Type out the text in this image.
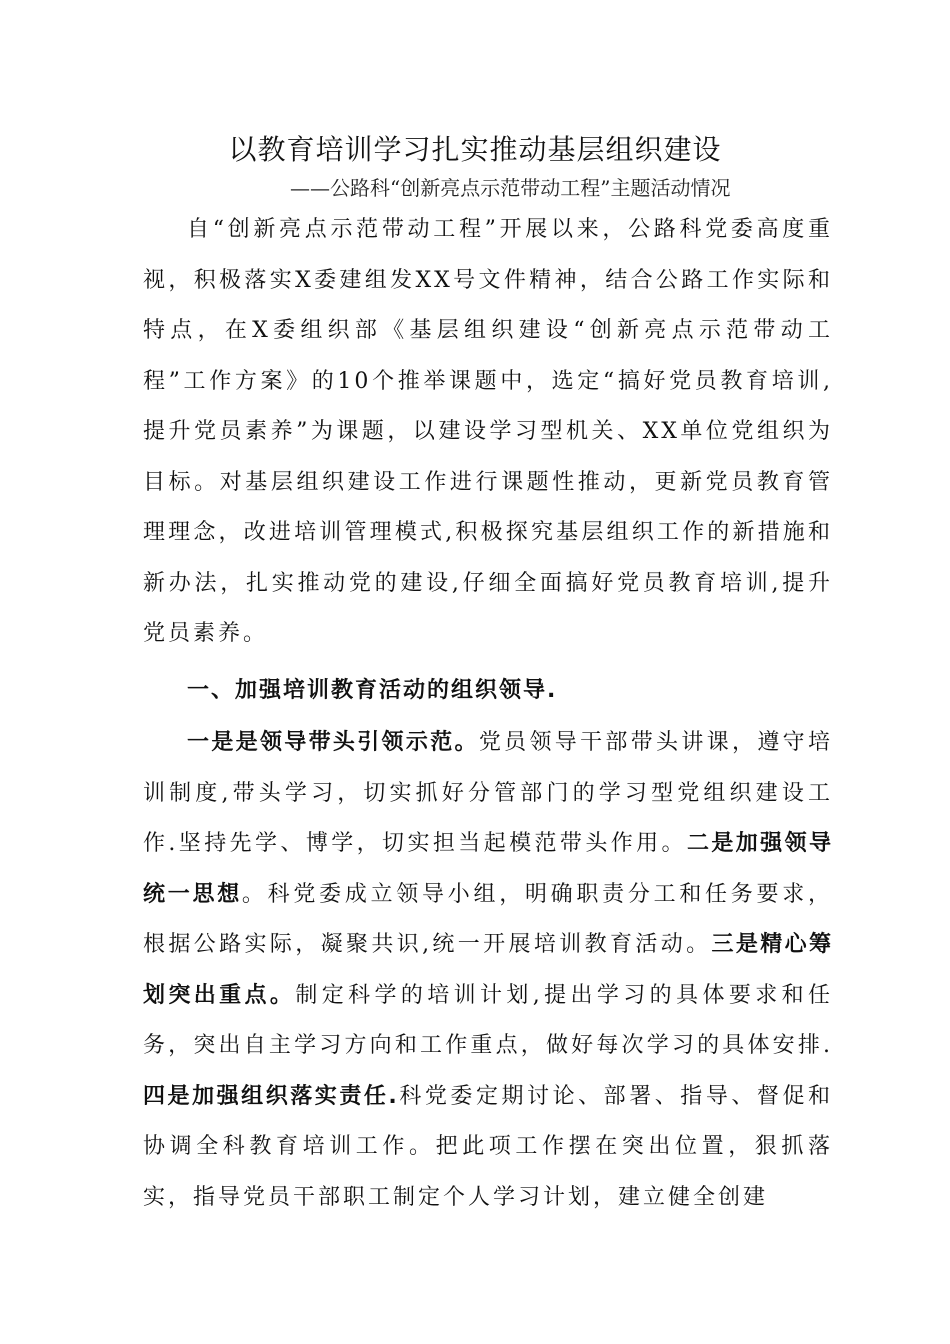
以教育培训学习扎实推动基层组织建设
——公路科“创新亮点示范带动工程”主题活动情况

自“创新亮点示范带动工程”开展以来，公路科党委高度重视，积极落实X委建组发XX号文件精神，结合公路工作实际和特点，在X委组织部《基层组织建设“创新亮点示范带动工程”工作方案》的10个推举课题中，选定“搞好党员教育培训,提升党员素养”为课题，以建设学习型机关、XX单位党组织为目标。对基层组织建设工作进行课题性推动，更新党员教育管理理念，改进培训管理模式,积极探究基层组织工作的新措施和新办法，扎实推动党的建设,仔细全面搞好党员教育培训,提升党员素养。

一、加强培训教育活动的组织领导.

一是是领导带头引领示范。党员领导干部带头讲课，遵守培训制度,带头学习，切实抓好分管部门的学习型党组织建设工作.坚持先学、博学，切实担当起模范带头作用。二是加强领导统一思想。科党委成立领导小组，明确职责分工和任务要求，根据公路实际，凝聚共识,统一开展培训教育活动。三是精心筹划突出重点。制定科学的培训计划,提出学习的具体要求和任务，突出自主学习方向和工作重点，做好每次学习的具体安排.四是加强组织落实责任.科党委定期讨论、部署、指导、督促和协调全科教育培训工作。把此项工作摆在突出位置，狠抓落实，指导党员干部职工制定个人学习计划，建立健全创建
